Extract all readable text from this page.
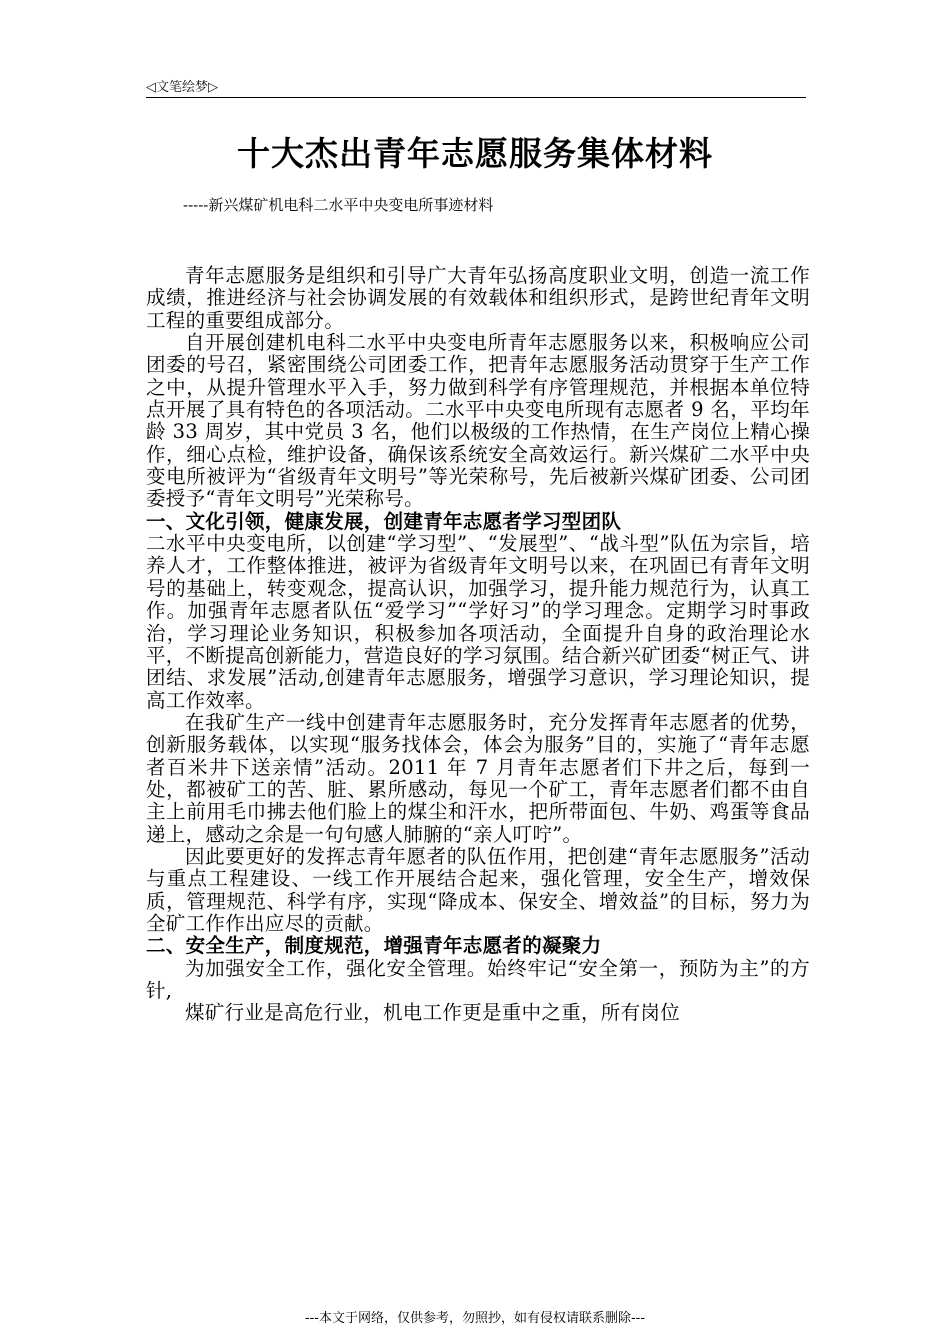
◁文笔绘梦▷
十大杰出青年志愿服务集体材料
-----新兴煤矿机电科二水平中央变电所事迹材料

青年志愿服务是组织和引导广大青年弘扬高度职业文明，创造一流工作成绩，推进经济与社会协调发展的有效载体和组织形式，是跨世纪青年文明工程的重要组成部分。

自开展创建机电科二水平中央变电所青年志愿服务以来，积极响应公司团委的号召，紧密围绕公司团委工作，把青年志愿服务活动贯穿于生产工作之中，从提升管理水平入手，努力做到科学有序管理规范，并根据本单位特点开展了具有特色的各项活动。二水平中央变电所现有志愿者 9 名，平均年龄 33 周岁，其中党员 3 名，他们以极级的工作热情，在生产岗位上精心操作，细心点检，维护设备，确保该系统安全高效运行。新兴煤矿二水平中央变电所被评为“省级青年文明号”等光荣称号，先后被新兴煤矿团委、公司团委授予“青年文明号”光荣称号。

一、文化引领，健康发展，创建青年志愿者学习型团队

二水平中央变电所，以创建“学习型”、“发展型”、“战斗型”队伍为宗旨，培养人才，工作整体推进，被评为省级青年文明号以来，在巩固已有青年文明号的基础上，转变观念，提高认识，加强学习，提升能力规范行为，认真工作。加强青年志愿者队伍“爱学习”“学好习”的学习理念。定期学习时事政治，学习理论业务知识，积极参加各项活动，全面提升自身的政治理论水平，不断提高创新能力，营造良好的学习氛围。结合新兴矿团委“树正气、讲团结、求发展”活动,创建青年志愿服务，增强学习意识，学习理论知识，提高工作效率。

在我矿生产一线中创建青年志愿服务时，充分发挥青年志愿者的优势，创新服务载体，以实现“服务找体会，体会为服务”目的，实施了“青年志愿者百米井下送亲情”活动。2011 年 7 月青年志愿者们下井之后，每到一处，都被矿工的苦、脏、累所感动，每见一个矿工，青年志愿者们都不由自主上前用毛巾拂去他们脸上的煤尘和汗水，把所带面包、牛奶、鸡蛋等食品递上，感动之余是一句句感人肺腑的“亲人叮咛”。

因此要更好的发挥志青年愿者的队伍作用，把创建“青年志愿服务”活动与重点工程建设、一线工作开展结合起来，强化管理，安全生产，增效保质，管理规范、科学有序，实现“降成本、保安全、增效益”的目标，努力为全矿工作作出应尽的贡献。

二、安全生产，制度规范，增强青年志愿者的凝聚力

为加强安全工作，强化安全管理。始终牢记“安全第一，预防为主”的方针,

煤矿行业是高危行业，机电工作更是重中之重，所有岗位

---本文于网络，仅供参考，勿照抄，如有侵权请联系删除---
